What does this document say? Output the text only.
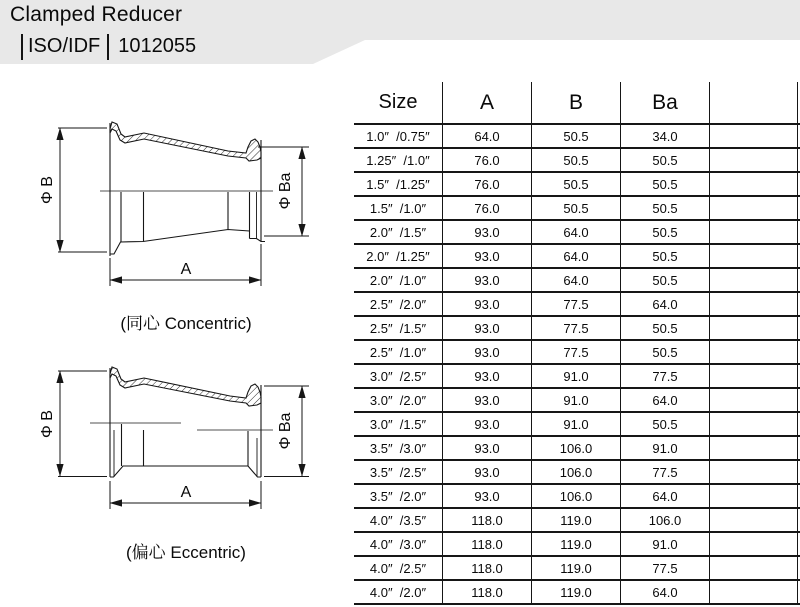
Clamped Reducer
ISO/IDF 1012055
Φ B	Φ Ba
A
(同心 Concentric)
Φ B	Φ Ba
A
(偏心 Eccentric)
Size	A	B	Ba
1.0″  /0.75″	64.0	50.5	34.0
1.25″  /1.0″	76.0	50.5	50.5
1.5″  /1.25″	76.0	50.5	50.5
1.5″  /1.0″	76.0	50.5	50.5
2.0″  /1.5″	93.0	64.0	50.5
2.0″  /1.25″	93.0	64.0	50.5
2.0″  /1.0″	93.0	64.0	50.5
2.5″  /2.0″	93.0	77.5	64.0
2.5″  /1.5″	93.0	77.5	50.5
2.5″  /1.0″	93.0	77.5	50.5
3.0″  /2.5″	93.0	91.0	77.5
3.0″  /2.0″	93.0	91.0	64.0
3.0″  /1.5″	93.0	91.0	50.5
3.5″  /3.0″	93.0	106.0	91.0
3.5″  /2.5″	93.0	106.0	77.5
3.5″  /2.0″	93.0	106.0	64.0
4.0″  /3.5″	118.0	119.0	106.0
4.0″  /3.0″	118.0	119.0	91.0
4.0″  /2.5″	118.0	119.0	77.5
4.0″  /2.0″	118.0	119.0	64.0
